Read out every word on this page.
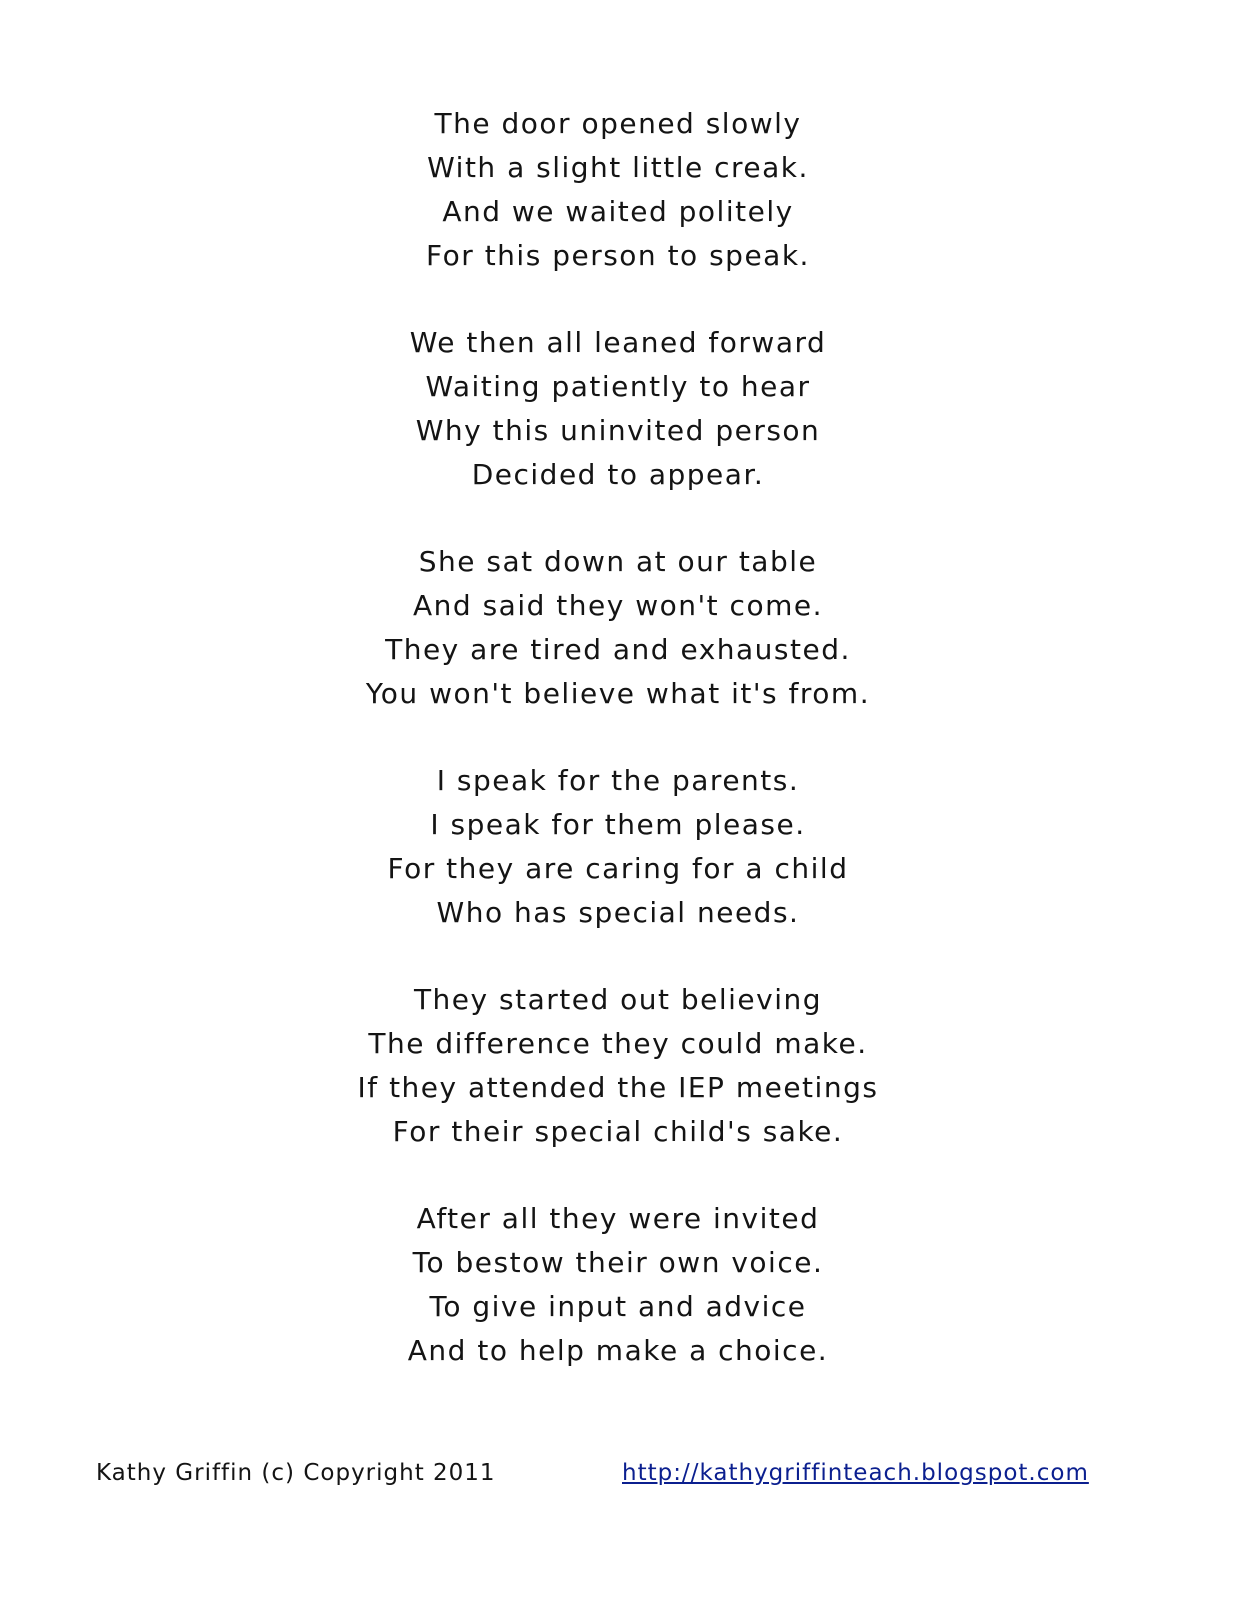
The door opened slowly
With a slight little creak.
And we waited politely
For this person to speak.
We then all leaned forward
Waiting patiently to hear
Why this uninvited person
Decided to appear.
She sat down at our table
And said they won't come.
They are tired and exhausted.
You won't believe what it's from.
I speak for the parents.
I speak for them please.
For they are caring for a child
Who has special needs.
They started out believing
The difference they could make.
If they attended the IEP meetings
For their special child's sake.
After all they were invited
To bestow their own voice.
To give input and advice
And to help make a choice.
Kathy Griffin (c) Copyright 2011	http://kathygriffinteach.blogspot.com
